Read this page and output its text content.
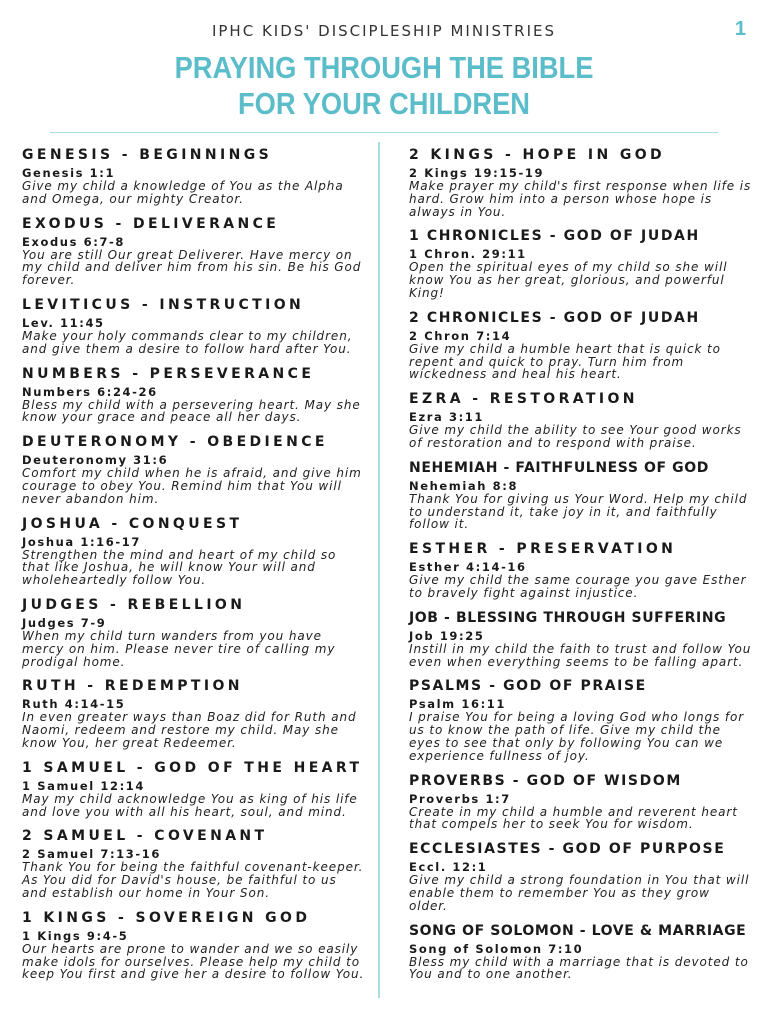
IPHC KIDS' DISCIPLESHIP MINISTRIES	1
PRAYING THROUGH THE BIBLE
FOR YOUR CHILDREN
GENESIS - BEGINNINGS
Genesis 1:1
Give my child a knowledge of You as the Alpha and Omega, our mighty Creator.
EXODUS - DELIVERANCE
Exodus 6:7-8
You are still Our great Deliverer. Have mercy on my child and deliver him from his sin. Be his God forever.
LEVITICUS - INSTRUCTION
Lev. 11:45
Make your holy commands clear to my children, and give them a desire to follow hard after You.
NUMBERS - PERSEVERANCE
Numbers 6:24-26
Bless my child with a persevering heart. May she know your grace and peace all her days.
DEUTERONOMY - OBEDIENCE
Deuteronomy 31:6
Comfort my child when he is afraid, and give him courage to obey You. Remind him that You will never abandon him.
JOSHUA - CONQUEST
Joshua 1:16-17
Strengthen the mind and heart of my child so that like Joshua, he will know Your will and wholeheartedly follow You.
JUDGES - REBELLION
Judges 7-9
When my child turn wanders from you have mercy on him. Please never tire of calling my prodigal home.
RUTH - REDEMPTION
Ruth 4:14-15
In even greater ways than Boaz did for Ruth and Naomi, redeem and restore my child. May she know You, her great Redeemer.
1 SAMUEL - GOD OF THE HEART
1 Samuel 12:14
May my child acknowledge You as king of his life and love you with all his heart, soul, and mind.
2 SAMUEL - COVENANT
2 Samuel 7:13-16
Thank You for being the faithful covenant-keeper. As You did for David's house, be faithful to us and establish our home in Your Son.
1 KINGS - SOVEREIGN GOD
1 Kings 9:4-5
Our hearts are prone to wander and we so easily make idols for ourselves. Please help my child to keep You first and give her a desire to follow You.
2 KINGS - HOPE IN GOD
2 Kings 19:15-19
Make prayer my child's first response when life is hard. Grow him into a person whose hope is always in You.
1 CHRONICLES - GOD OF JUDAH
1 Chron. 29:11
Open the spiritual eyes of my child so she will know You as her great, glorious, and powerful King!
2 CHRONICLES - GOD OF JUDAH
2 Chron 7:14
Give my child a humble heart that is quick to repent and quick to pray. Turn him from wickedness and heal his heart.
EZRA - RESTORATION
Ezra 3:11
Give my child the ability to see Your good works of restoration and to respond with praise.
NEHEMIAH - FAITHFULNESS OF GOD
Nehemiah 8:8
Thank You for giving us Your Word. Help my child to understand it, take joy in it, and faithfully follow it.
ESTHER - PRESERVATION
Esther 4:14-16
Give my child the same courage you gave Esther to bravely fight against injustice.
JOB - BLESSING THROUGH SUFFERING
Job 19:25
Instill in my child the faith to trust and follow You even when everything seems to be falling apart.
PSALMS - GOD OF PRAISE
Psalm 16:11
I praise You for being a loving God who longs for us to know the path of life. Give my child the eyes to see that only by following You can we experience fullness of joy.
PROVERBS - GOD OF WISDOM
Proverbs 1:7
Create in my child a humble and reverent heart that compels her to seek You for wisdom.
ECCLESIASTES - GOD OF PURPOSE
Eccl. 12:1
Give my child a strong foundation in You that will enable them to remember You as they grow older.
SONG OF SOLOMON - LOVE & MARRIAGE
Song of Solomon 7:10
Bless my child with a marriage that is devoted to You and to one another.
